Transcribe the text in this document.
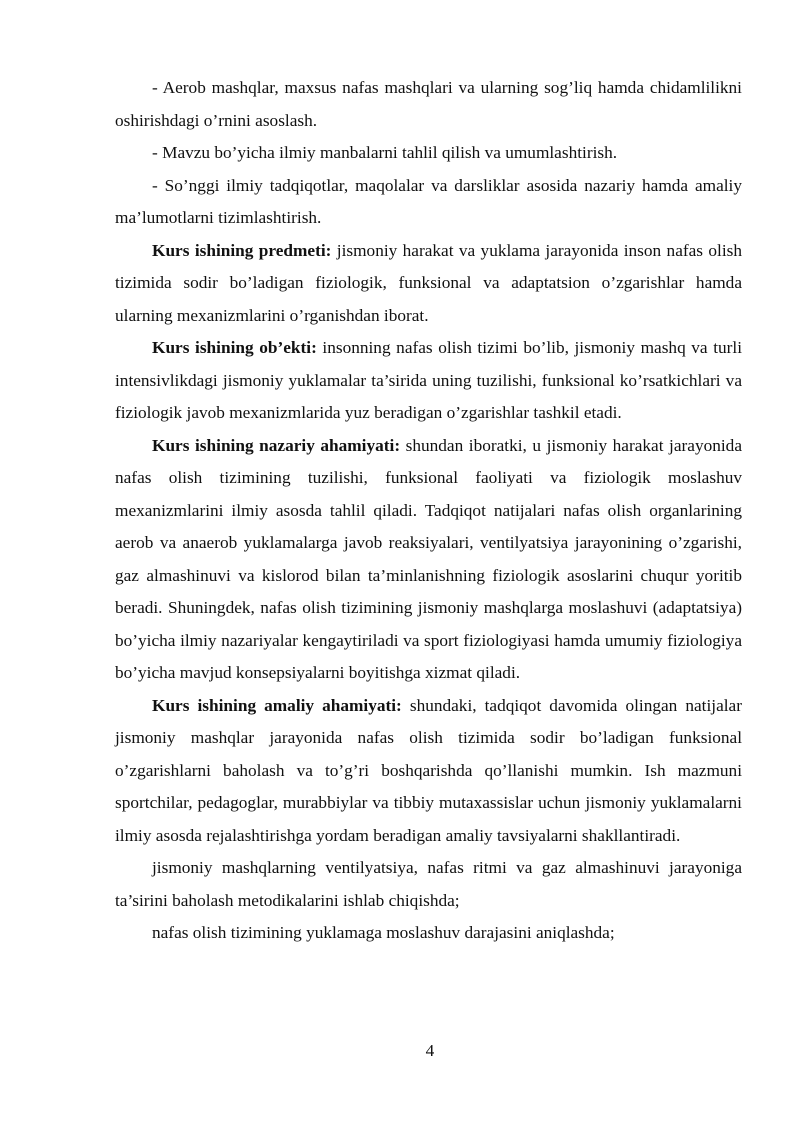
- Aerob mashqlar, maxsus nafas mashqlari va ularning sog’liq hamda chidamlilikni oshirishdagi o’rnini asoslash.

- Mavzu bo’yicha ilmiy manbalarni tahlil qilish va umumlashtirish.

- So’nggi ilmiy tadqiqotlar, maqolalar va darsliklar asosida nazariy hamda amaliy ma’lumotlarni tizimlashtirish.

Kurs ishining predmeti: jismoniy harakat va yuklama jarayonida inson nafas olish tizimida sodir bo’ladigan fiziologik, funksional va adaptatsion o’zgarishlar hamda ularning mexanizmlarini o’rganishdan iborat.

Kurs ishining ob’ekti: insonning nafas olish tizimi bo’lib, jismoniy mashq va turli intensivlikdagi jismoniy yuklamalar ta’sirida uning tuzilishi, funksional ko’rsatkichlari va fiziologik javob mexanizmlarida yuz beradigan o’zgarishlar tashkil etadi.

Kurs ishining nazariy ahamiyati: shundan iboratki, u jismoniy harakat jarayonida nafas olish tizimining tuzilishi, funksional faoliyati va fiziologik moslashuv mexanizmlarini ilmiy asosda tahlil qiladi. Tadqiqot natijalari nafas olish organlarining aerob va anaerob yuklamalarga javob reaksiyalari, ventilyatsiya jarayonining o’zgarishi, gaz almashinuvi va kislorod bilan ta’minlanishning fiziologik asoslarini chuqur yoritib beradi. Shuningdek, nafas olish tizimining jismoniy mashqlarga moslashuvi (adaptatsiya) bo’yicha ilmiy nazariyalar kengaytiriladi va sport fiziologiyasi hamda umumiy fiziologiya bo’yicha mavjud konsepsiyalarni boyitishga xizmat qiladi.

Kurs ishining amaliy ahamiyati: shundaki, tadqiqot davomida olingan natijalar jismoniy mashqlar jarayonida nafas olish tizimida sodir bo’ladigan funksional o’zgarishlarni baholash va to’g’ri boshqarishda qo’llanishi mumkin. Ish mazmuni sportchilar, pedagoglar, murabbiylar va tibbiy mutaxassislar uchun jismoniy yuklamalarni ilmiy asosda rejalashtirishga yordam beradigan amaliy tavsiyalarni shakllantiradi.

jismoniy mashqlarning ventilyatsiya, nafas ritmi va gaz almashinuvi jarayoniga ta’sirini baholash metodikalarini ishlab chiqishda;

nafas olish tizimining yuklamaga moslashuv darajasini aniqlashda;

4
